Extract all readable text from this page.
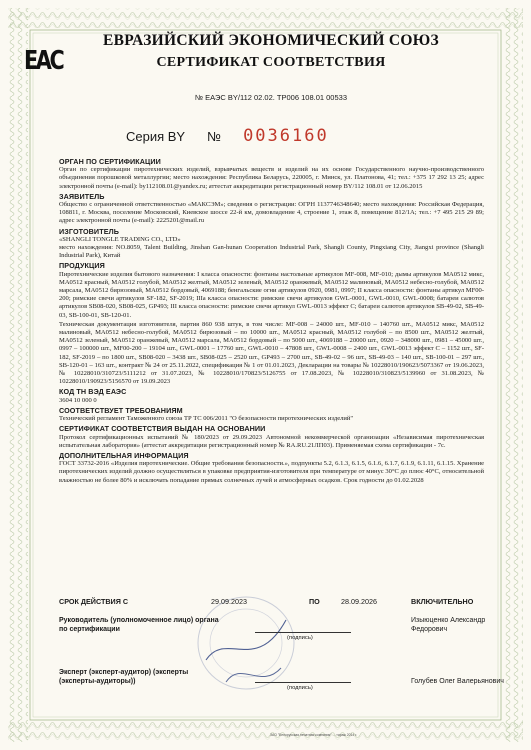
EAC
ЕВРАЗИЙСКИЙ ЭКОНОМИЧЕСКИЙ СОЮЗ
СЕРТИФИКАТ СООТВЕТСТВИЯ
№ ЕАЭС BY/112 02.02. ТР006 108.01 00533
Серия BY № 0036160
ОРГАН ПО СЕРТИФИКАЦИИ
Орган по сертификации пиротехнических изделий, взрывчатых веществ и изделий на их основе Государственного научно-производственного объединения порошковой металлургии; место нахождения: Республика Беларусь, 220005, г. Минск, ул. Платонова, 41; тел.: +375 17 292 13 25; адрес электронной почты (e-mail): by112108.01@yandex.ru; аттестат аккредитации регистрационный номер BY/112 108.01 от 12.06.2015
ЗАЯВИТЕЛЬ
Общество с ограниченной ответственностью «МАКСЭМ»; сведения о регистрации: ОГРН 1137746348640; место нахождения: Российская Федерация, 108811, г. Москва, поселение Московский, Киевское шоссе 22-й км, домовладение 4, строение 1, этаж 8, помещение 812/1А; тел.: +7 495 215 29 89; адрес электронной почты (e-mail): 2225201@mail.ru
ИЗГОТОВИТЕЛЬ
«SHANGLI TONGLE TRADING CO., LTD»
место нахождения: NO.8059, Talent Building, Jinshan Gan-hunan Cooperation Industrial Park, Shangli County, Pingxiang City, Jiangxi province (Shangli Industrial Park), Китай
ПРОДУКЦИЯ
Пиротехнические изделия бытового назначения: I класса опасности: фонтаны настольные артикулов MF-008, MF-010; дымы артикулов MA0512 микс, MA0512 красный, MA0512 голубой, MA0512 желтый, MA0512 зеленый, MA0512 оранжевый, MA0512 малиновый, MA0512 небесно-голубой, MA0512 марсала, MA0512 бирюзовый, MA0512 бордовый, 4069188; бенгальские огни артикулов 0920, 0981, 0997; II класса опасности: фонтаны артикул MF00-200; римские свечи артикулов SF-182, SF-2019; IIIа класса опасности: римские свечи артикулов GWL-0001, GWL-0010, GWL-0008; батареи салютов артикулов SB08-020, SB08-025, GP493; III класса опасности: римские свечи артикул GWL-0013 эффект С; батареи салютов артикулов SB-49-02, SB-49-03, SB-100-01, SB-120-01.
Техническая документация изготовителя, партия 860 938 штук, в том числе: MF-008 – 24000 шт., MF-010 – 140760 шт., MA0512 микс, MA0512 малиновый, MA0512 небесно-голубой, MA0512 бирюзовый – по 10000 шт., MA0512 красный, MA0512 голубой – по 8500 шт., MA0512 желтый, MA0512 зеленый, MA0512 оранжевый, MA0512 марсала, MA0512 бордовый – по 5000 шт., 4069188 – 20000 шт., 0920 – 348000 шт., 0981 – 45000 шт., 0997 – 100000 шт., MF00-200 – 19104 шт., GWL-0001 – 17760 шт., GWL-0010 – 47808 шт., GWL-0008 – 2400 шт., GWL-0013 эффект С – 1152 шт., SF-182, SF-2019 – по 1800 шт., SB08-020 – 3438 шт., SB08-025 – 2520 шт., GP493 – 2700 шт., SB-49-02 – 96 шт., SB-49-03 – 140 шт., SB-100-01 – 297 шт., SB-120-01 – 163 шт., контракт № 24 от 25.11.2022, спецификация № 1 от 01.01.2023, Декларации на товары № 10228010/190623/5073367 от 19.06.2023, № 10228010/310723/5111212 от 31.07.2023, № 10228010/170823/5126755 от 17.08.2023, № 10228010/310823/5139960 от 31.08.2023, № 10228010/190923/5156570 от 19.09.2023
КОД ТН ВЭД ЕАЭС
3604 10 000 0
СООТВЕТСТВУЕТ ТРЕБОВАНИЯМ
Технический регламент Таможенного союза ТР ТС 006/2011 "О безопасности пиротехнических изделий"
СЕРТИФИКАТ СООТВЕТСТВИЯ ВЫДАН НА ОСНОВАНИИ
Протокол сертификационных испытаний № 180/2023 от 29.09.2023 Автономной некоммерческой организации «Независимая пиротехническая испытательная лаборатория» (аттестат аккредитации регистрационный номер № RA.RU.21ЛП03). Применяемая схема сертификации - 7с.
ДОПОЛНИТЕЛЬНАЯ ИНФОРМАЦИЯ
ГОСТ 33732-2016 «Изделия пиротехнические. Общие требования безопасности.», подпункты 5.2, 6.1.3, 6.1.5, 6.1.6, 6.1.7, 6.1.9, 6.1.11, 6.1.15. Хранение пиротехнических изделий должно осуществляться в упаковке предприятия-изготовителя при температуре от минус 30°С до плюс 40°С, относительной влажностью не более 80% и исключать попадание прямых солнечных лучей и атмосферных осадков. Срок годности до 01.02.2028
СРОК ДЕЙСТВИЯ С	29.09.2023	ПО	28.09.2026	ВКЛЮЧИТЕЛЬНО
Руководитель (уполномоченное лицо) органа по сертификации
(подпись)
Изыюценко Александр Федорович
Эксперт (эксперт-аудитор) (эксперты (эксперты-аудиторы))
(подпись)
Голубев Олег Валерьянович
ЗАО "Белорусская печатная компания" ... тираж 2014 г.
